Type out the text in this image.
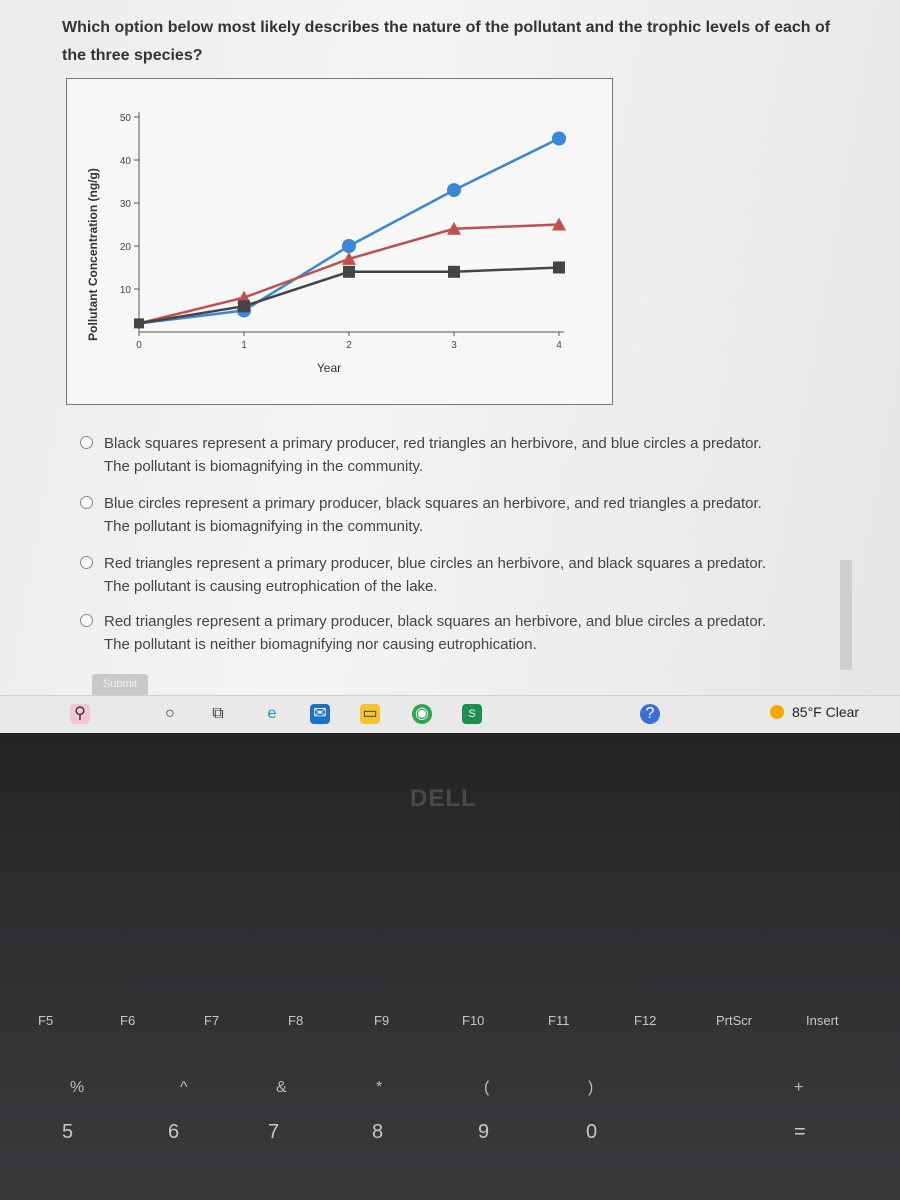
Which option below most likely describes the nature of the pollutant and the trophic levels of each of the three species?
10
20
30
40
50
0	1	2	3	4
Year
Pollutant Concentration (ng/g)
Black squares represent a primary producer, red triangles an herbivore, and blue circles a predator.
The pollutant is biomagnifying in the community.
Blue circles represent a primary producer, black squares an herbivore, and red triangles a predator.
The pollutant is biomagnifying in the community.
Red triangles represent a primary producer, blue circles an herbivore, and black squares a predator.
The pollutant is causing eutrophication of the lake.
Red triangles represent a primary producer, black squares an herbivore, and blue circles a predator.
The pollutant is neither biomagnifying nor causing eutrophication.
Submit
⚲	○	⧉	e	✉ ▭ ◉	S	?	85°F Clear
DELL
F5	F6	F7	F8	F9	F10	F11	F12	PrtScr	Insert
%	^	&	*	(	)	+
5	6	7	8	9	0	=
